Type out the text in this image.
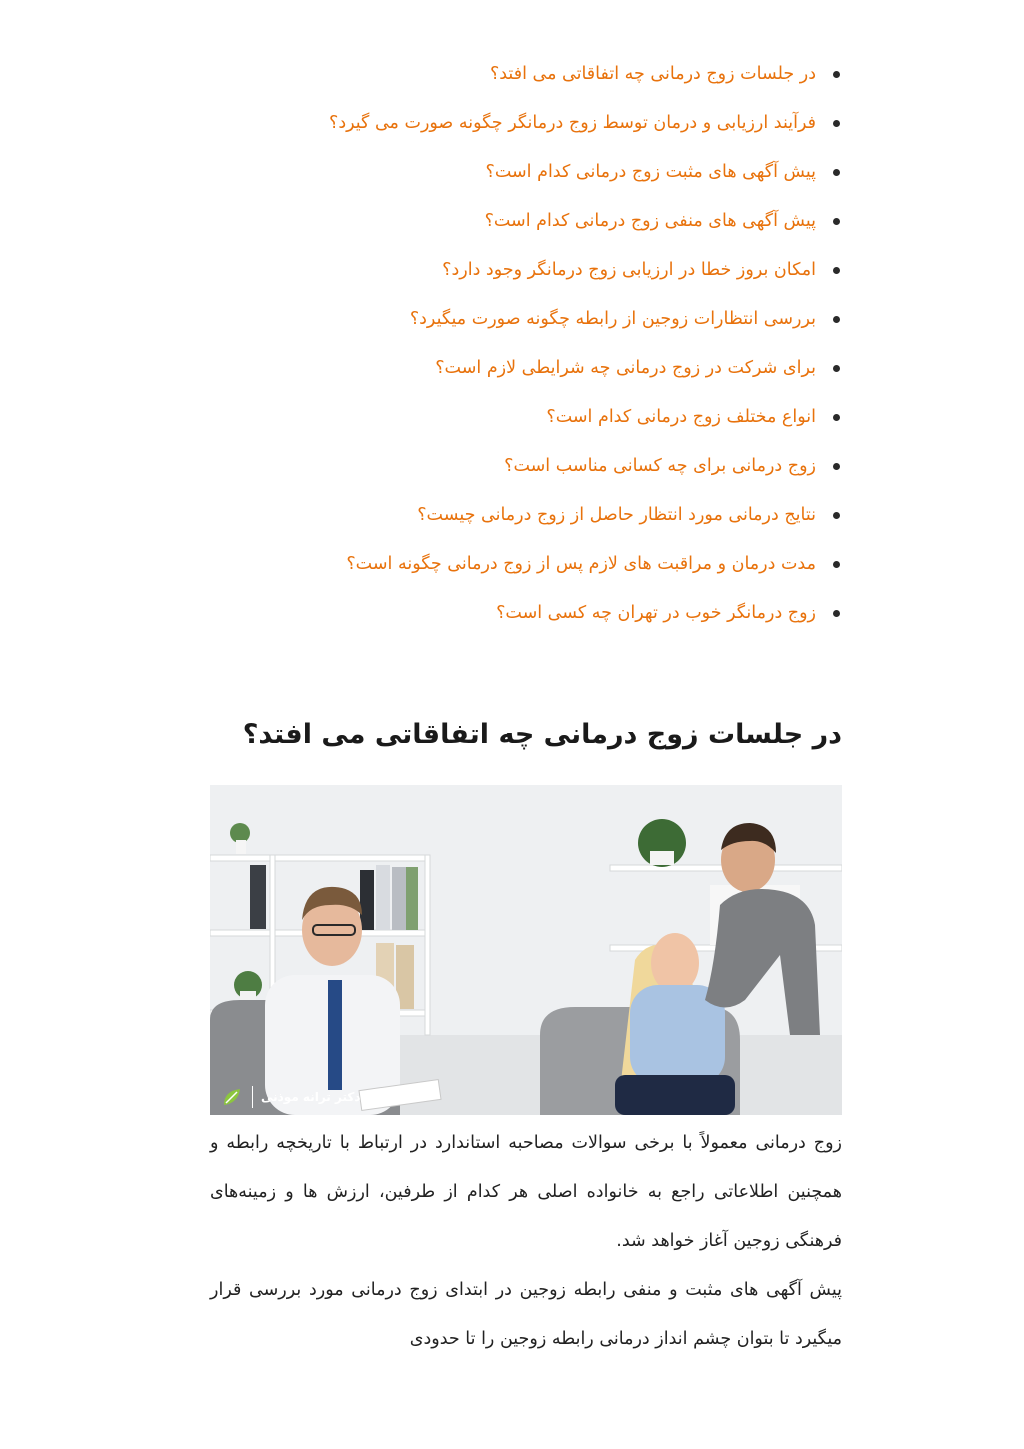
در جلسات زوج درمانی چه اتفاقاتی می افتد؟
فرآیند ارزیابی و درمان توسط زوج درمانگر چگونه صورت می گیرد؟
پیش آگهی های مثبت زوج درمانی کدام است؟
پیش آگهی های منفی زوج درمانی کدام است؟
امکان بروز خطا در ارزیابی زوج درمانگر وجود دارد؟
بررسی انتظارات زوجین از رابطه چگونه صورت میگیرد؟
برای شرکت در زوج درمانی چه شرایطی لازم است؟
انواع مختلف زوج درمانی کدام است؟
زوج درمانی برای چه کسانی مناسب است؟
نتایج درمانی مورد انتظار حاصل از زوج درمانی چیست؟
مدت درمان و مراقبت های لازم پس از زوج درمانی چگونه است؟
زوج درمانگر خوب در تهران چه کسی است؟
در جلسات زوج درمانی چه اتفاقاتی می افتد؟
دکتر ترانه موذنی

زوج درمانی معمولاً با برخی سوالات مصاحبه استاندارد در ارتباط با تاریخچه رابطه و همچنین اطلاعاتی راجع به خانواده اصلی هر کدام از طرفین، ارزش ها و زمینه‌های فرهنگی زوجین آغاز خواهد شد.

پیش آگهی های مثبت و منفی رابطه زوجین در ابتدای زوج درمانی مورد بررسی قرار میگیرد تا بتوان چشم انداز درمانی رابطه زوجین را تا حدودی
